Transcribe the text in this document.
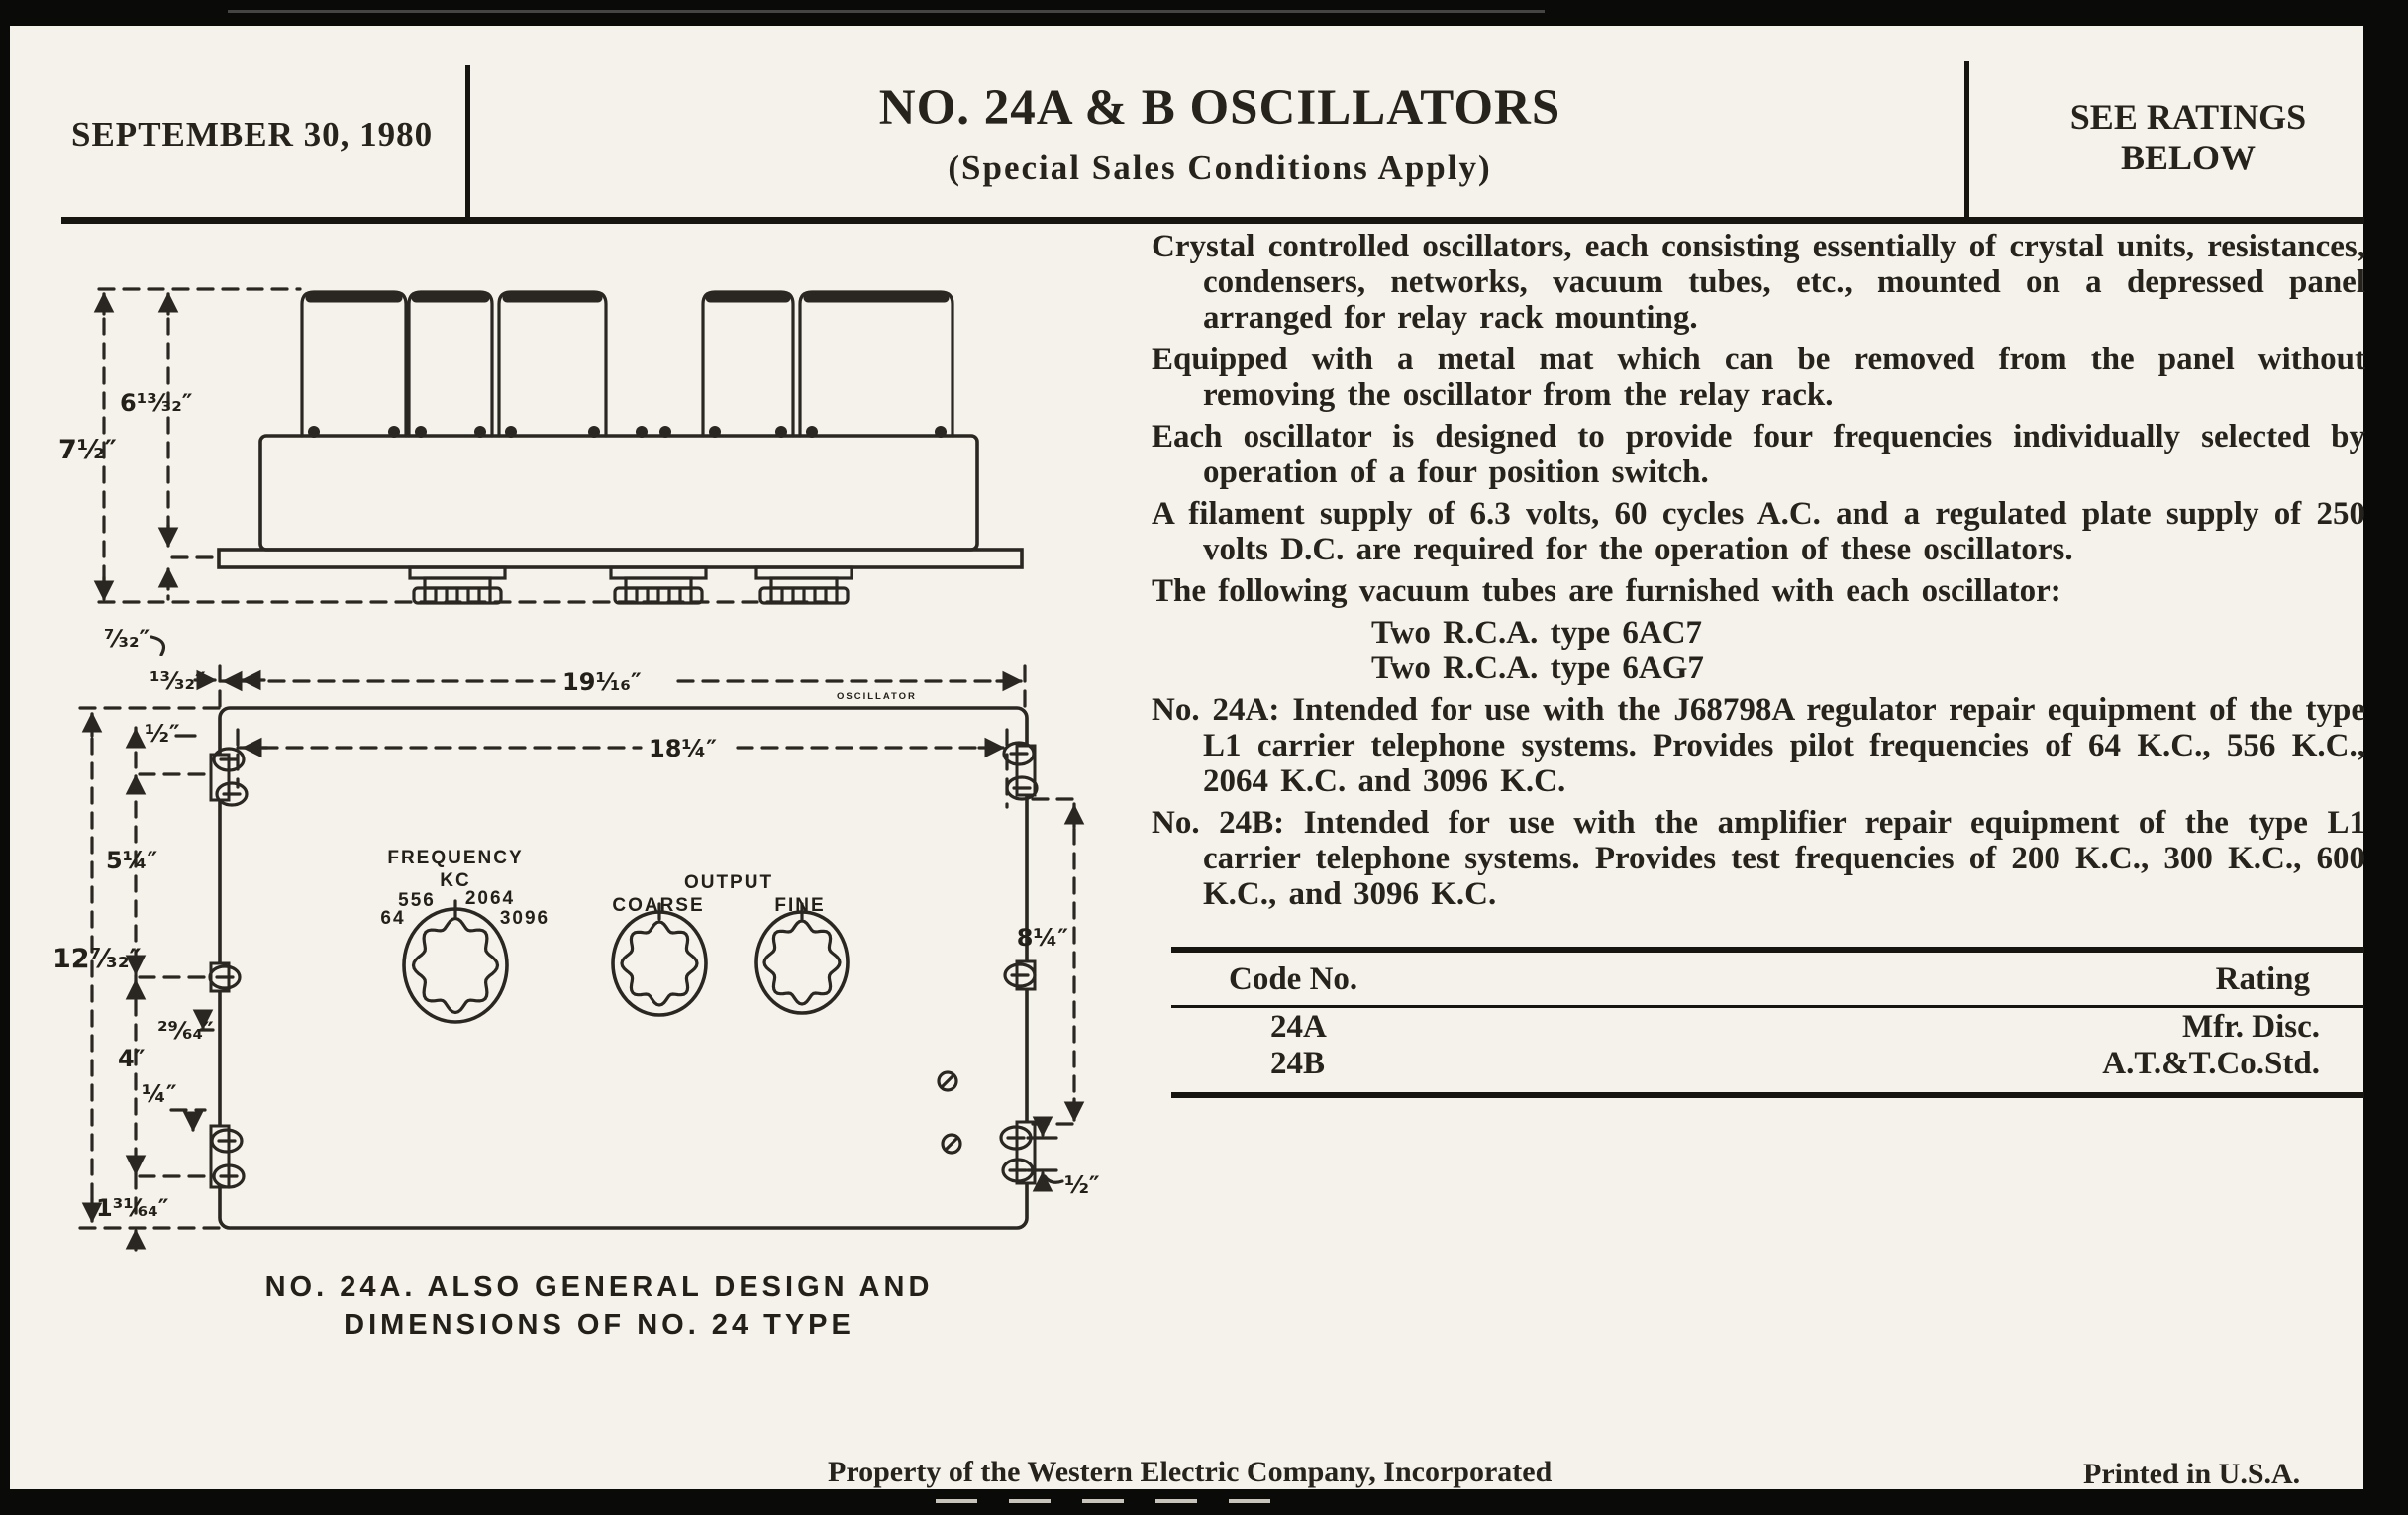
SEPTEMBER 30, 1980	NO. 24A & B OSCILLATORS
(Special Sales Conditions Apply)
SEE RATINGS
BELOW
6¹³⁄₃₂″
7½″
⁷⁄₃₂″
¹³⁄₃₂″	19¹⁄₁₆″
18¼″
OSCILLATOR
FREQUENCY
KC
556 2064
64	3096
OUTPUT
COARSE	FINE
½″
5¼″
12⁷⁄₃₂″
²⁹⁄₆₄″
4″
¼″
1³¹⁄₆₄″
8¼″
½″
NO. 24A. ALSO GENERAL DESIGN AND
DIMENSIONS OF NO. 24 TYPE

Crystal controlled oscillators, each consisting essentially of crystal units, resistances, condensers, networks, vacuum tubes, etc., mounted on a depressed panel arranged for relay rack mounting.

Equipped with a metal mat which can be removed from the panel without removing the oscillator from the relay rack.

Each oscillator is designed to provide four frequencies individually selected by operation of a four position switch.

A filament supply of 6.3 volts, 60 cycles A.C. and a regulated plate supply of 250 volts D.C. are required for the operation of these oscillators.

The following vacuum tubes are furnished with each oscillator:

Two R.C.A. type 6AC7
Two R.C.A. type 6AG7

No. 24A: Intended for use with the J68798A regulator repair equipment of the type L1 carrier telephone systems. Provides pilot frequencies of 64 K.C., 556 K.C., 2064 K.C. and 3096 K.C.

No. 24B: Intended for use with the amplifier repair equipment of the type L1 carrier telephone systems. Provides test frequencies of 200 K.C., 300 K.C., 600 K.C., and 3096 K.C.

Code No.	Rating
24A	Mfr. Disc.
24B	A.T.&T.Co.Std.
Property of the Western Electric Company, Incorporated	Printed in U.S.A.
